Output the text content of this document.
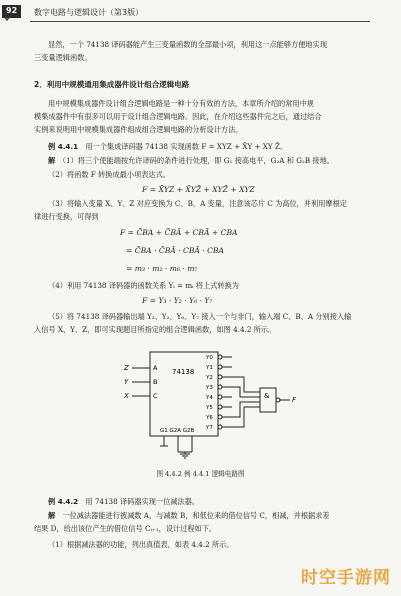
92	数字电路与逻辑设计（第3版）
显然，一个 74138 译码器能产生三变量函数的全部最小项，利用这一点能够方便地实现
三变量逻辑函数。
2．利用中规模通用集成器件设计组合逻辑电路
用中规模集成器件设计组合逻辑电路是一种十分有效的方法，本章所介绍的常用中规
模集成器件中有很多可以用于设计组合逻辑电路。因此，在介绍这些器件完之后，通过结合
实例来说明用中规模集成器件组成组合逻辑电路的分析设计方法。
例 4.4.1　 用一个集成译码器 74138 实现函数 F = XYZ + X̄Y + XY Z̄。
解　 （1）将三个使能端按允许译码的条件进行处理，即 G₁ 接高电平，G₂A 和 G₂B 接地。
（2）将函数 F 转换成最小项表达式。
F = X̄YZ + X̄YZ̄ + XYZ̄ + XYZ
（3）将输入变量 X、Y、Z 对应变换为 C、B、A 变量，注意该芯片 C 为高位，并利用摩根定
律进行变换，可得到
F = C̄BA + C̄BĀ + CBĀ + CBA
= C̄BA · C̄BĀ · CBĀ · CBA
= m₃ · m₂ · m₆ · m₇
（4）利用 74138 译码器的函数关系 Yᵢ = mᵢ 将上式转换为
F = Y₃ · Y₂ · Y₆ · Y₇
（5）将 74138 译码器输出端 Y₃、Y₂、Y₆、Y₇ 接入一个与非门，输入端 C、B、A 分别接入输
入信号 X、Y、Z，即可实现题目所指定的组合逻辑函数，如图 4.4.2 所示。
74138
Z
Y
X
A
B
C
Y0
Y1
Y2
Y3
Y4
Y5
Y6
Y7
&	F
G1 G2A G2B
图 4.4.2 例 4.4.1 逻辑电路图
例 4.4.2　 用 74138 译码器实现一位减法器。
解　 一位减法器能进行被减数 A，与减数 B，和低位来的借位信号 C，相减，并根据求差
结果 D，给出该位产生的借位信号 Cᵢ₊₁，设计过程如下。
（1）根据减法器的功能，列出真值表，如表 4.4.2 所示。
时空手游网
